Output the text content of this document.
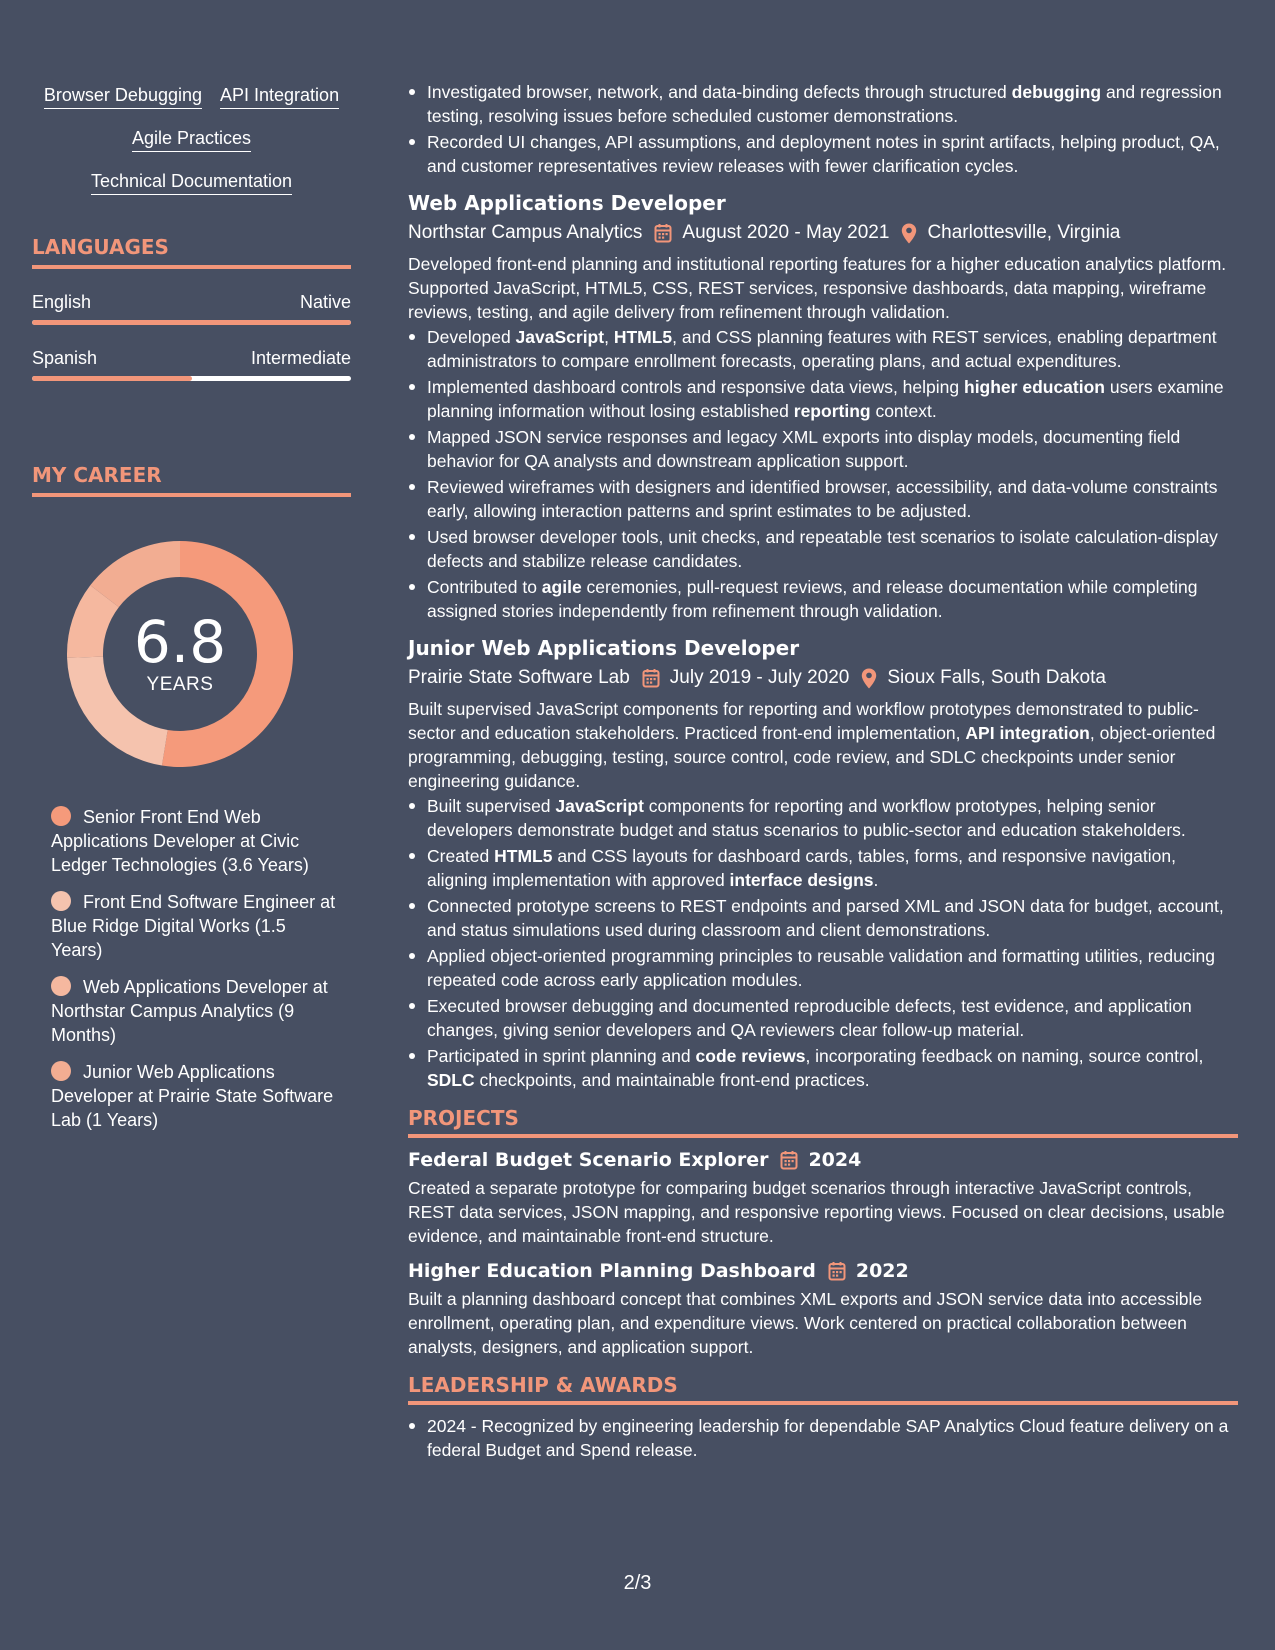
Browser Debugging API Integration
Agile Practices
Technical Documentation
LANGUAGES
English	Native
Spanish	Intermediate
MY CAREER
6.8
YEARS
Senior Front End Web Applications Developer at Civic Ledger Technologies (3.6 Years)
Front End Software Engineer at Blue Ridge Digital Works (1.5 Years)
Web Applications Developer at Northstar Campus Analytics (9 Months)
Junior Web Applications Developer at Prairie State Software Lab (1 Years)
Investigated browser, network, and data-binding defects through structured debugging and regression testing, resolving issues before scheduled customer demonstrations.
Recorded UI changes, API assumptions, and deployment notes in sprint artifacts, helping product, QA, and customer representatives review releases with fewer clarification cycles.
Web Applications Developer
Northstar Campus Analytics August 2020 - May 2021 Charlottesville, Virginia
Developed front-end planning and institutional reporting features for a higher education analytics platform. Supported JavaScript, HTML5, CSS, REST services, responsive dashboards, data mapping, wireframe reviews, testing, and agile delivery from refinement through validation.
Developed JavaScript, HTML5, and CSS planning features with REST services, enabling department administrators to compare enrollment forecasts, operating plans, and actual expenditures.
Implemented dashboard controls and responsive data views, helping higher education users examine planning information without losing established reporting context.
Mapped JSON service responses and legacy XML exports into display models, documenting field behavior for QA analysts and downstream application support.
Reviewed wireframes with designers and identified browser, accessibility, and data-volume constraints early, allowing interaction patterns and sprint estimates to be adjusted.
Used browser developer tools, unit checks, and repeatable test scenarios to isolate calculation-display defects and stabilize release candidates.
Contributed to agile ceremonies, pull-request reviews, and release documentation while completing assigned stories independently from refinement through validation.
Junior Web Applications Developer
Prairie State Software Lab July 2019 - July 2020 Sioux Falls, South Dakota
Built supervised JavaScript components for reporting and workflow prototypes demonstrated to public-sector and education stakeholders. Practiced front-end implementation, API integration, object-oriented programming, debugging, testing, source control, code review, and SDLC checkpoints under senior engineering guidance.
Built supervised JavaScript components for reporting and workflow prototypes, helping senior developers demonstrate budget and status scenarios to public-sector and education stakeholders.
Created HTML5 and CSS layouts for dashboard cards, tables, forms, and responsive navigation, aligning implementation with approved interface designs.
Connected prototype screens to REST endpoints and parsed XML and JSON data for budget, account, and status simulations used during classroom and client demonstrations.
Applied object-oriented programming principles to reusable validation and formatting utilities, reducing repeated code across early application modules.
Executed browser debugging and documented reproducible defects, test evidence, and application changes, giving senior developers and QA reviewers clear follow-up material.
Participated in sprint planning and code reviews, incorporating feedback on naming, source control, SDLC checkpoints, and maintainable front-end practices.
PROJECTS
Federal Budget Scenario Explorer 2024
Created a separate prototype for comparing budget scenarios through interactive JavaScript controls, REST data services, JSON mapping, and responsive reporting views. Focused on clear decisions, usable evidence, and maintainable front-end structure.
Higher Education Planning Dashboard 2022
Built a planning dashboard concept that combines XML exports and JSON service data into accessible enrollment, operating plan, and expenditure views. Work centered on practical collaboration between analysts, designers, and application support.
LEADERSHIP & AWARDS
2024 - Recognized by engineering leadership for dependable SAP Analytics Cloud feature delivery on a federal Budget and Spend release.
2/3
